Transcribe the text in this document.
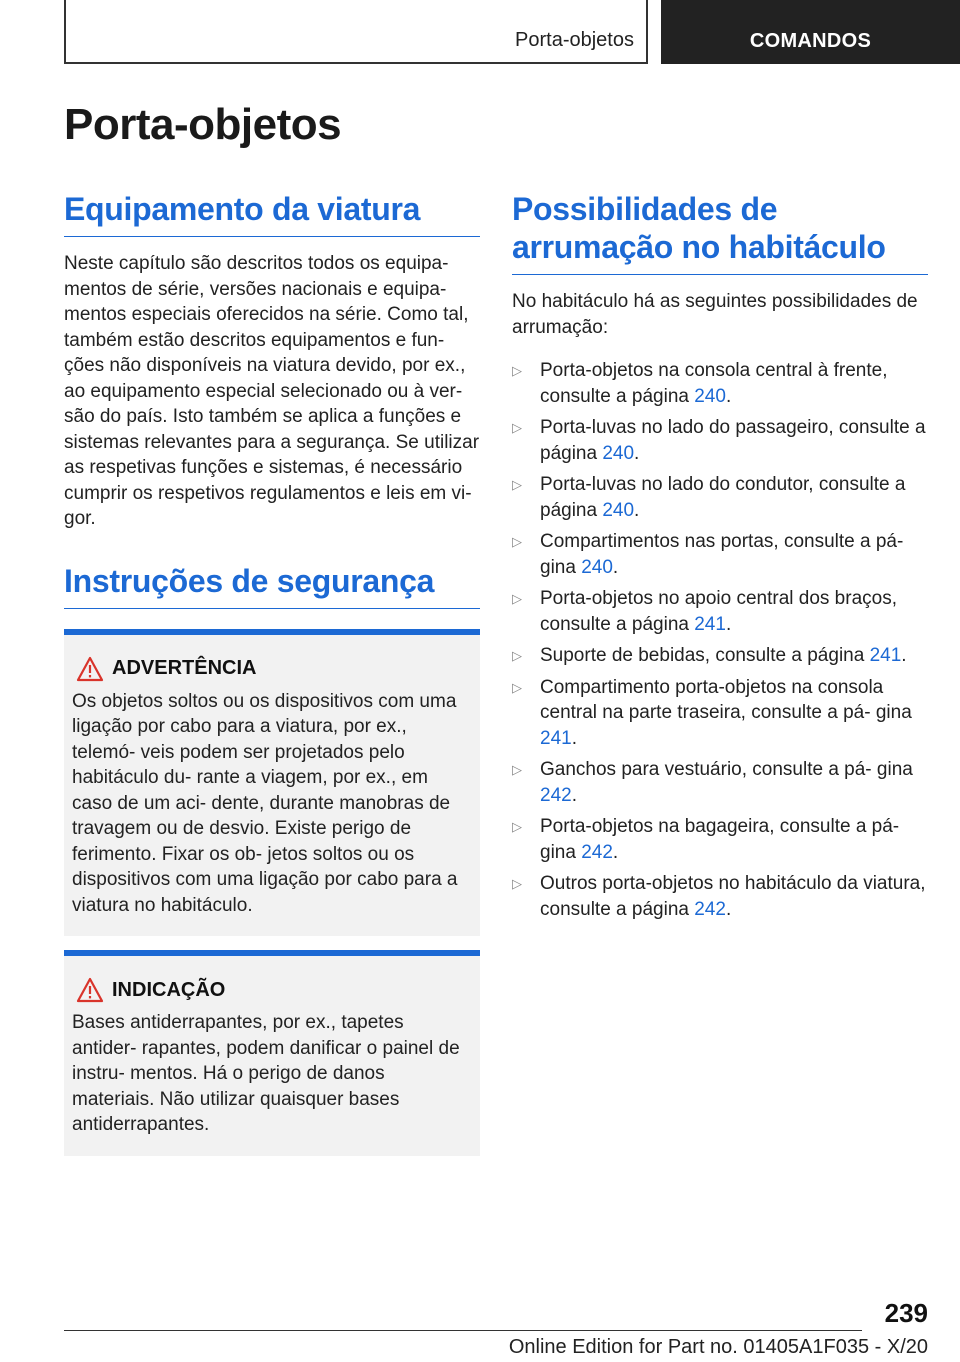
Porta-objetos	COMANDOS
Porta-objetos
Equipamento da viatura

Neste capítulo são descritos todos os equipa‐ mentos de série, versões nacionais e equipa‐ mentos especiais oferecidos na série. Como tal, também estão descritos equipamentos e fun‐ ções não disponíveis na viatura devido, por ex., ao equipamento especial selecionado ou à ver‐ são do país. Isto também se aplica a funções e sistemas relevantes para a segurança. Se utilizar as respetivas funções e sistemas, é necessário cumprir os respetivos regulamentos e leis em vi‐ gor.

Instruções de segurança
ADVERTÊNCIA

Os objetos soltos ou os dispositivos com uma ligação por cabo para a viatura, por ex., telemó‐ veis podem ser projetados pelo habitáculo du‐ rante a viagem, por ex., em caso de um aci‐ dente, durante manobras de travagem ou de desvio. Existe perigo de ferimento. Fixar os ob‐ jetos soltos ou os dispositivos com uma ligação por cabo para a viatura no habitáculo.

INDICAÇÃO

Bases antiderrapantes, por ex., tapetes antider‐ rapantes, podem danificar o painel de instru‐ mentos. Há o perigo de danos materiais. Não utilizar quaisquer bases antiderrapantes.

Possibilidades de arrumação no habitáculo

No habitáculo há as seguintes possibilidades de arrumação:

▷ Porta-objetos na consola central à frente, consulte a página 240.
▷ Porta-luvas no lado do passageiro, consulte a página 240.
▷ Porta-luvas no lado do condutor, consulte a página 240.
▷ Compartimentos nas portas, consulte a pá‐ gina 240.
▷ Porta-objetos no apoio central dos braços, consulte a página 241.
▷ Suporte de bebidas, consulte a página 241.
▷ Compartimento porta-objetos na consola central na parte traseira, consulte a pá‐ gina 241.
▷ Ganchos para vestuário, consulte a pá‐ gina 242.
▷ Porta-objetos na bagageira, consulte a pá‐ gina 242.
▷ Outros porta-objetos no habitáculo da viatura, consulte a página 242.
239
Online Edition for Part no. 01405A1F035 - X/20
